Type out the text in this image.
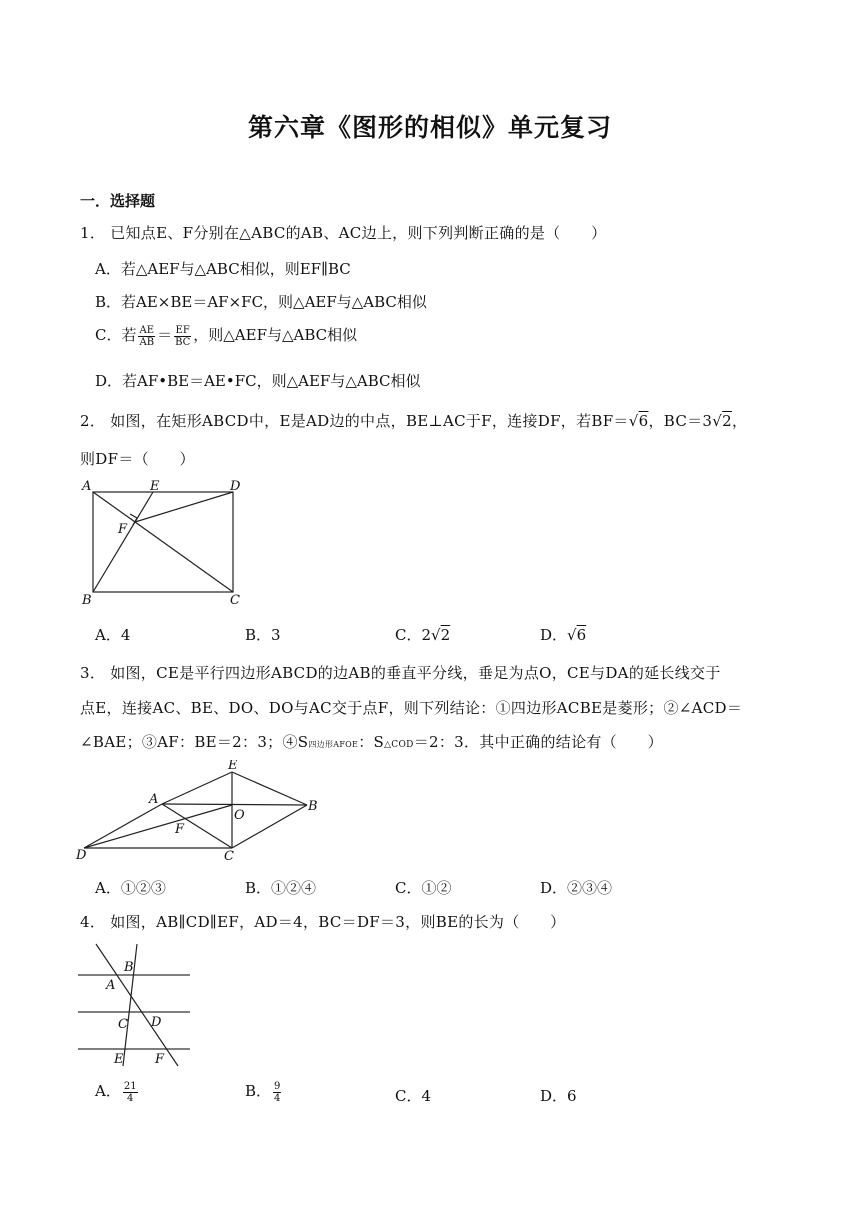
第六章《图形的相似》单元复习
一．选择题
1． 已知点E、F分别在△ABC的AB、AC边上，则下列判断正确的是（　　）
A．若△AEF与△ABC相似，则EF∥BC
B．若AE×BE＝AF×FC，则△AEF与△ABC相似
C．若 $\frac{AE}{AB} = \frac{EF}{BC}$ ，则△AEF与△ABC相似
D．若AF•BE＝AE•FC，则△AEF与△ABC相似
2． 如图，在矩形ABCD中，E是AD边的中点，BE⊥AC于F，连接DF，若BF＝√6，BC＝3√2，
则DF＝（　　）
A	E	D
F
B	C
A．4	B．3	C．2√2	D．√6
3． 如图，CE是平行四边形ABCD的边AB的垂直平分线，垂足为点O，CE与DA的延长线交于
点E，连接AC、BE、DO、DO与AC交于点F，则下列结论：①四边形ACBE是菱形；②∠ACD＝
∠BAE；③AF：BE＝2：3；④S四边形AFOE：S△COD＝2：3．其中正确的结论有（　　）
E
A	B
O
F
D	C
A．①②③	B．①②④	C．①②	D．②③④
4． 如图，AB∥CD∥EF，AD＝4，BC＝DF＝3，则BE的长为（　　）
B
A
C D
E F
A． $\frac{21}{4}$	B． $\frac{9}{4}$	C．4	D．6
